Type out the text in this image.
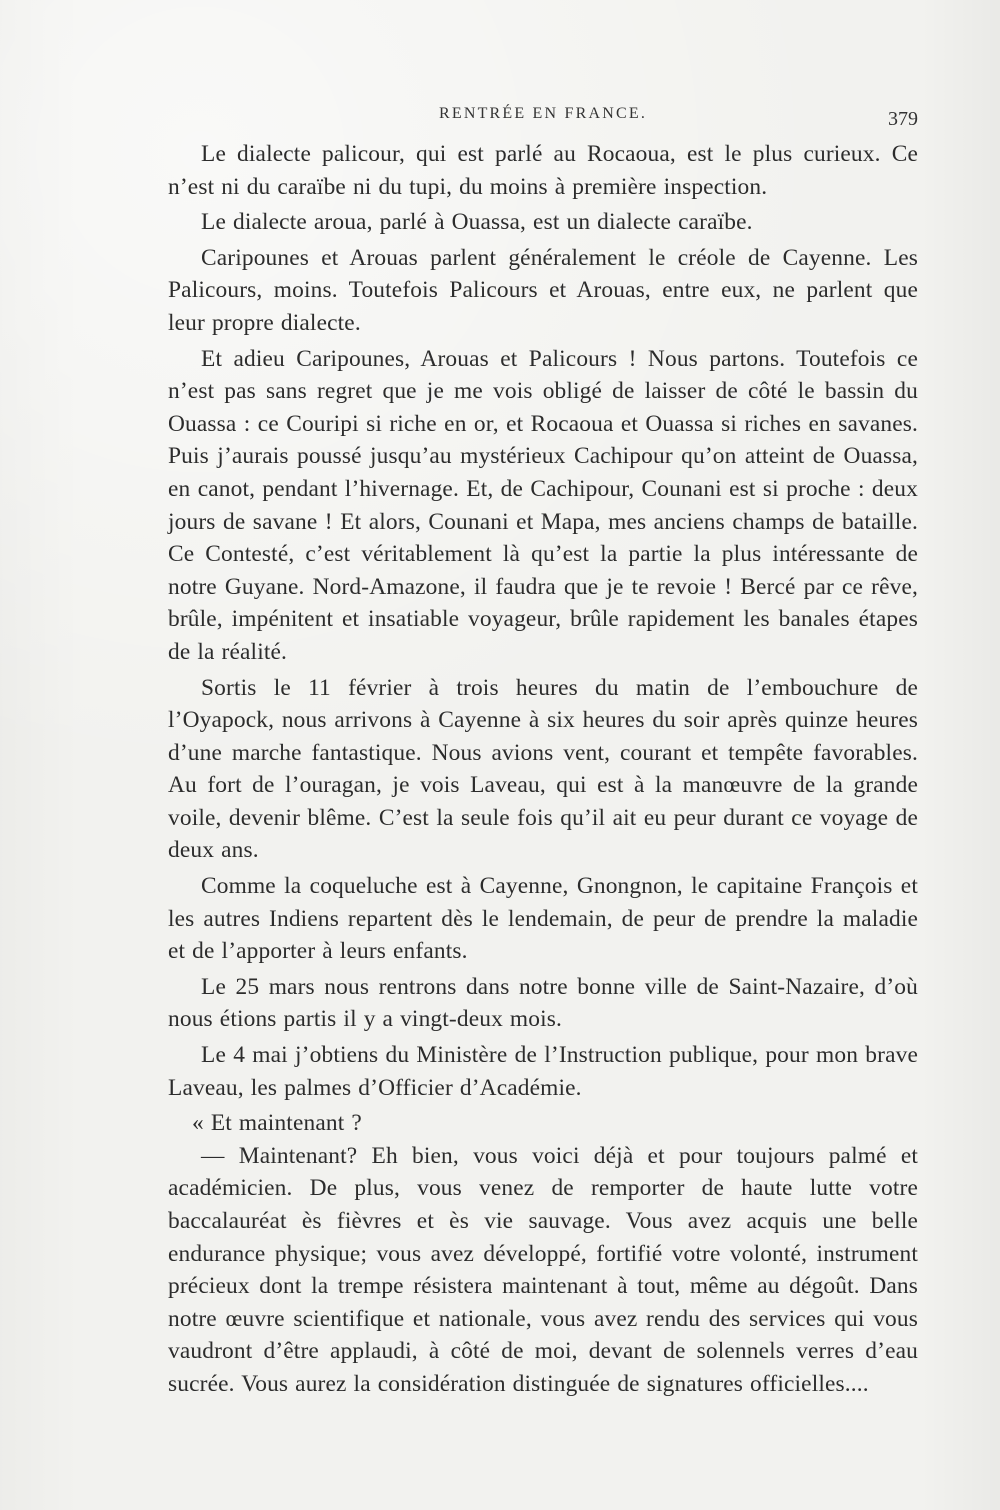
RENTRÉE EN FRANCE.	379

Le dialecte palicour, qui est parlé au Rocaoua, est le plus curieux. Ce n’est ni du caraïbe ni du tupi, du moins à première inspection.

Le dialecte aroua, parlé à Ouassa, est un dialecte caraïbe.

Caripounes et Arouas parlent généralement le créole de Cayenne. Les Palicours, moins. Toutefois Palicours et Arouas, entre eux, ne parlent que leur propre dialecte.

Et adieu Caripounes, Arouas et Palicours ! Nous partons. Toutefois ce n’est pas sans regret que je me vois obligé de laisser de côté le bassin du Ouassa : ce Couripi si riche en or, et Rocaoua et Ouassa si riches en savanes. Puis j’aurais poussé jusqu’au mystérieux Cachipour qu’on atteint de Ouassa, en canot, pendant l’hivernage. Et, de Cachipour, Counani est si proche : deux jours de savane ! Et alors, Counani et Mapa, mes anciens champs de bataille. Ce Contesté, c’est véritablement là qu’est la partie la plus intéressante de notre Guyane. Nord-Amazone, il faudra que je te revoie ! Bercé par ce rêve, brûle, impénitent et insatiable voyageur, brûle rapidement les banales étapes de la réalité.

Sortis le 11 février à trois heures du matin de l’embouchure de l’Oyapock, nous arrivons à Cayenne à six heures du soir après quinze heures d’une marche fantastique. Nous avions vent, courant et tempête favorables. Au fort de l’ouragan, je vois Laveau, qui est à la manœuvre de la grande voile, devenir blême. C’est la seule fois qu’il ait eu peur durant ce voyage de deux ans.

Comme la coqueluche est à Cayenne, Gnongnon, le capitaine François et les autres Indiens repartent dès le lendemain, de peur de prendre la maladie et de l’apporter à leurs enfants.

Le 25 mars nous rentrons dans notre bonne ville de Saint-Nazaire, d’où nous étions partis il y a vingt-deux mois.

Le 4 mai j’obtiens du Ministère de l’Instruction publique, pour mon brave Laveau, les palmes d’Officier d’Académie.

« Et maintenant ?

— Maintenant? Eh bien, vous voici déjà et pour toujours palmé et académicien. De plus, vous venez de remporter de haute lutte votre baccalauréat ès fièvres et ès vie sauvage. Vous avez acquis une belle endurance physique; vous avez développé, fortifié votre volonté, instrument précieux dont la trempe résistera maintenant à tout, même au dégoût. Dans notre œuvre scientifique et nationale, vous avez rendu des services qui vous vaudront d’être applaudi, à côté de moi, devant de solennels verres d’eau sucrée. Vous aurez la considération distinguée de signatures officielles....
